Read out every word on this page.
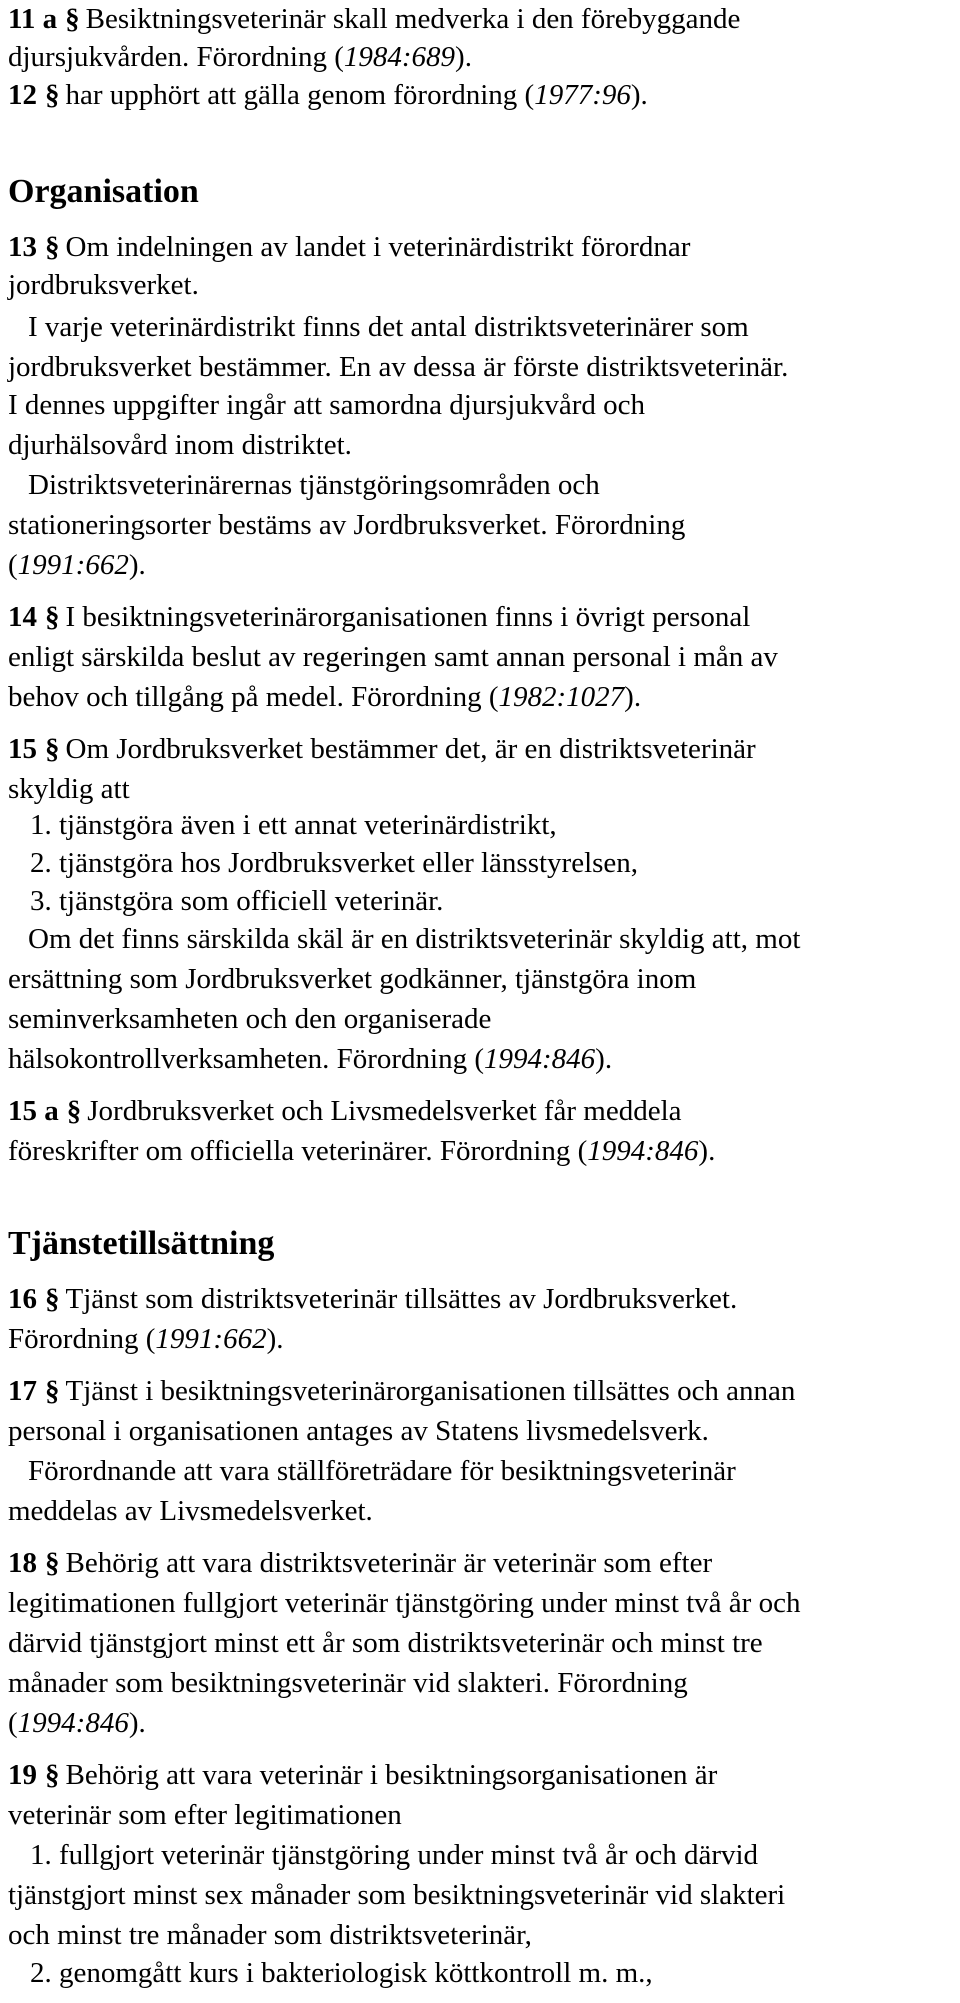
11 a § Besiktningsveterinär skall medverka i den förebyggande
djursjukvården. Förordning (1984:689).
12 § har upphört att gälla genom förordning (1977:96).
Organisation
13 § Om indelningen av landet i veterinärdistrikt förordnar
jordbruksverket.
I varje veterinärdistrikt finns det antal distriktsveterinärer som
jordbruksverket bestämmer. En av dessa är förste distriktsveterinär.
I dennes uppgifter ingår att samordna djursjukvård och
djurhälsovård inom distriktet.
Distriktsveterinärernas tjänstgöringsområden och
stationeringsorter bestäms av Jordbruksverket. Förordning
(1991:662).
14 § I besiktningsveterinärorganisationen finns i övrigt personal
enligt särskilda beslut av regeringen samt annan personal i mån av
behov och tillgång på medel. Förordning (1982:1027).
15 § Om Jordbruksverket bestämmer det, är en distriktsveterinär
skyldig att
1. tjänstgöra även i ett annat veterinärdistrikt,
2. tjänstgöra hos Jordbruksverket eller länsstyrelsen,
3. tjänstgöra som officiell veterinär.
Om det finns särskilda skäl är en distriktsveterinär skyldig att, mot
ersättning som Jordbruksverket godkänner, tjänstgöra inom
seminverksamheten och den organiserade
hälsokontrollverksamheten. Förordning (1994:846).
15 a § Jordbruksverket och Livsmedelsverket får meddela
föreskrifter om officiella veterinärer. Förordning (1994:846).
Tjänstetillsättning
16 § Tjänst som distriktsveterinär tillsättes av Jordbruksverket.
Förordning (1991:662).
17 § Tjänst i besiktningsveterinärorganisationen tillsättes och annan
personal i organisationen antages av Statens livsmedelsverk.
Förordnande att vara ställföreträdare för besiktningsveterinär
meddelas av Livsmedelsverket.
18 § Behörig att vara distriktsveterinär är veterinär som efter
legitimationen fullgjort veterinär tjänstgöring under minst två år och
därvid tjänstgjort minst ett år som distriktsveterinär och minst tre
månader som besiktningsveterinär vid slakteri. Förordning
(1994:846).
19 § Behörig att vara veterinär i besiktningsorganisationen är
veterinär som efter legitimationen
1. fullgjort veterinär tjänstgöring under minst två år och därvid
tjänstgjort minst sex månader som besiktningsveterinär vid slakteri
och minst tre månader som distriktsveterinär,
2. genomgått kurs i bakteriologisk köttkontroll m. m.,
